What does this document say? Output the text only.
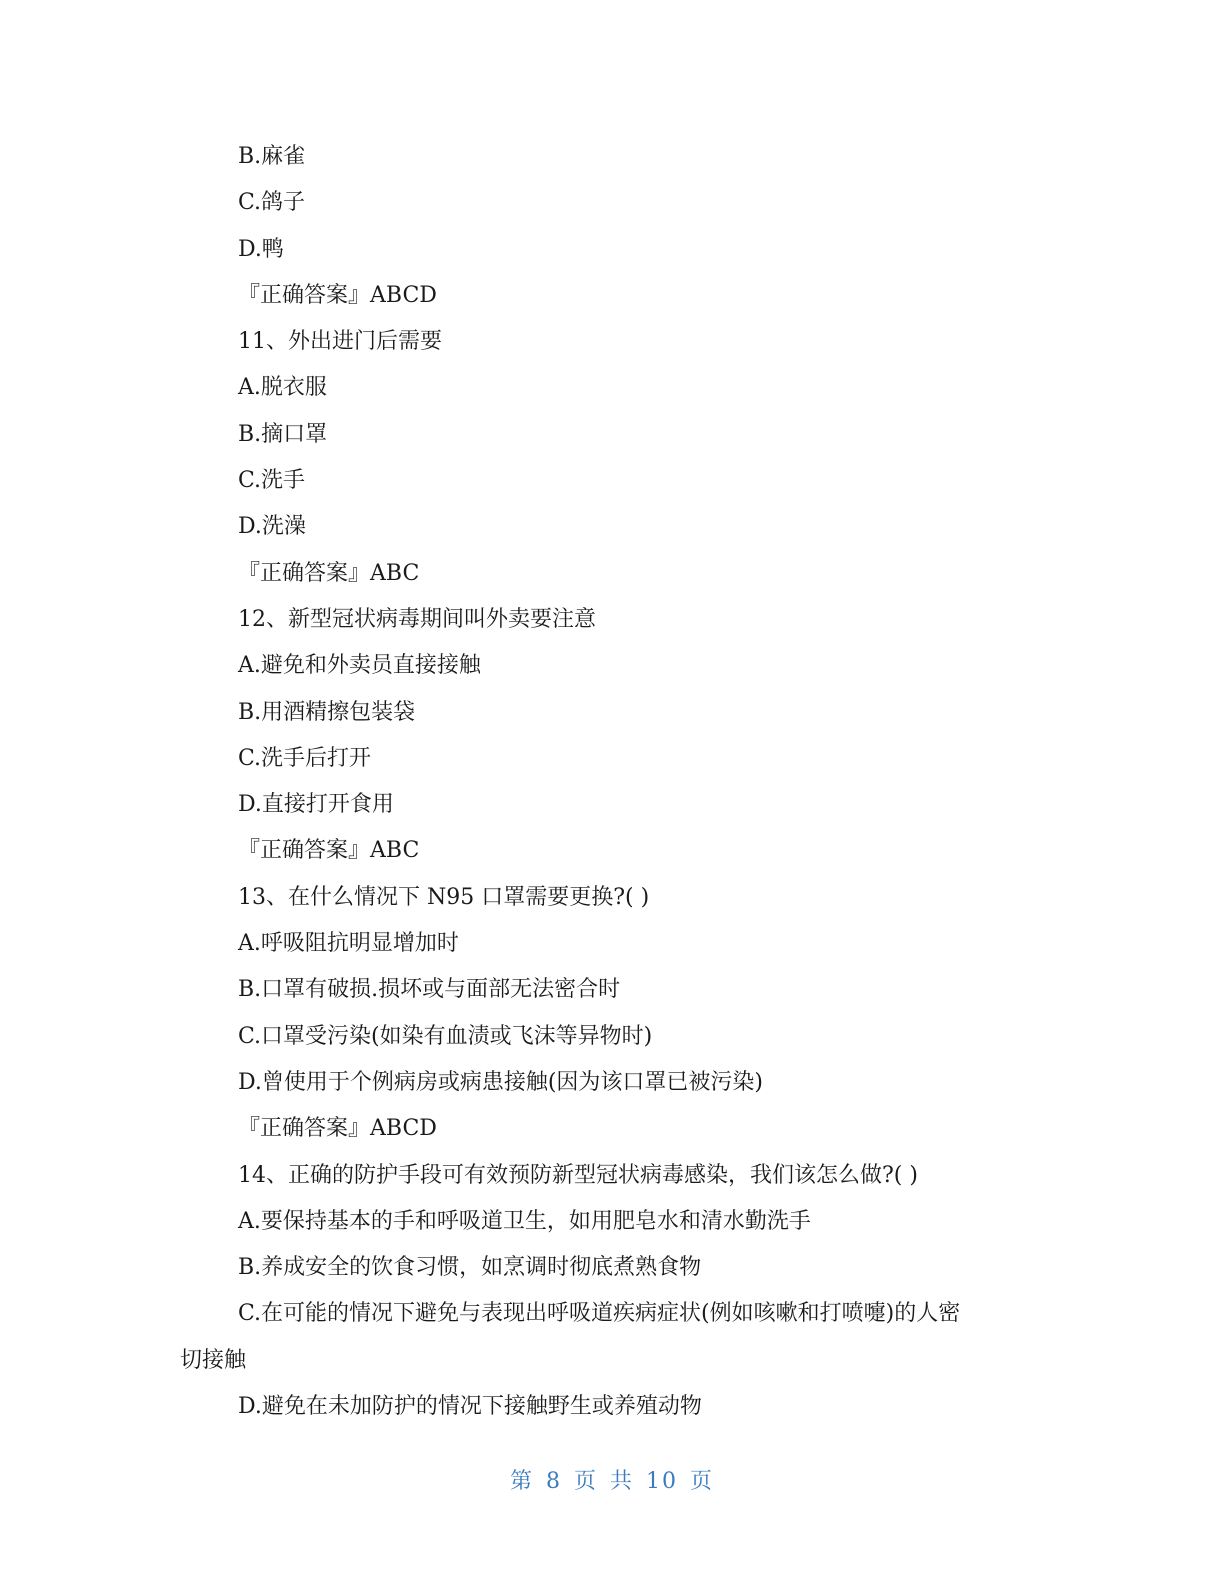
B.麻雀
C.鸽子
D.鸭
『正确答案』ABCD
11、外出进门后需要
A.脱衣服
B.摘口罩
C.洗手
D.洗澡
『正确答案』ABC
12、新型冠状病毒期间叫外卖要注意
A.避免和外卖员直接接触
B.用酒精擦包装袋
C.洗手后打开
D.直接打开食用
『正确答案』ABC
13、在什么情况下 N95 口罩需要更换?( )
A.呼吸阻抗明显增加时
B.口罩有破损.损坏或与面部无法密合时
C.口罩受污染(如染有血渍或飞沫等异物时)
D.曾使用于个例病房或病患接触(因为该口罩已被污染)
『正确答案』ABCD
14、正确的防护手段可有效预防新型冠状病毒感染，我们该怎么做?( )
A.要保持基本的手和呼吸道卫生，如用肥皂水和清水勤洗手
B.养成安全的饮食习惯，如烹调时彻底煮熟食物
C.在可能的情况下避免与表现出呼吸道疾病症状(例如咳嗽和打喷嚏)的人密
切接触
D.避免在未加防护的情况下接触野生或养殖动物
第 8 页 共 10 页
